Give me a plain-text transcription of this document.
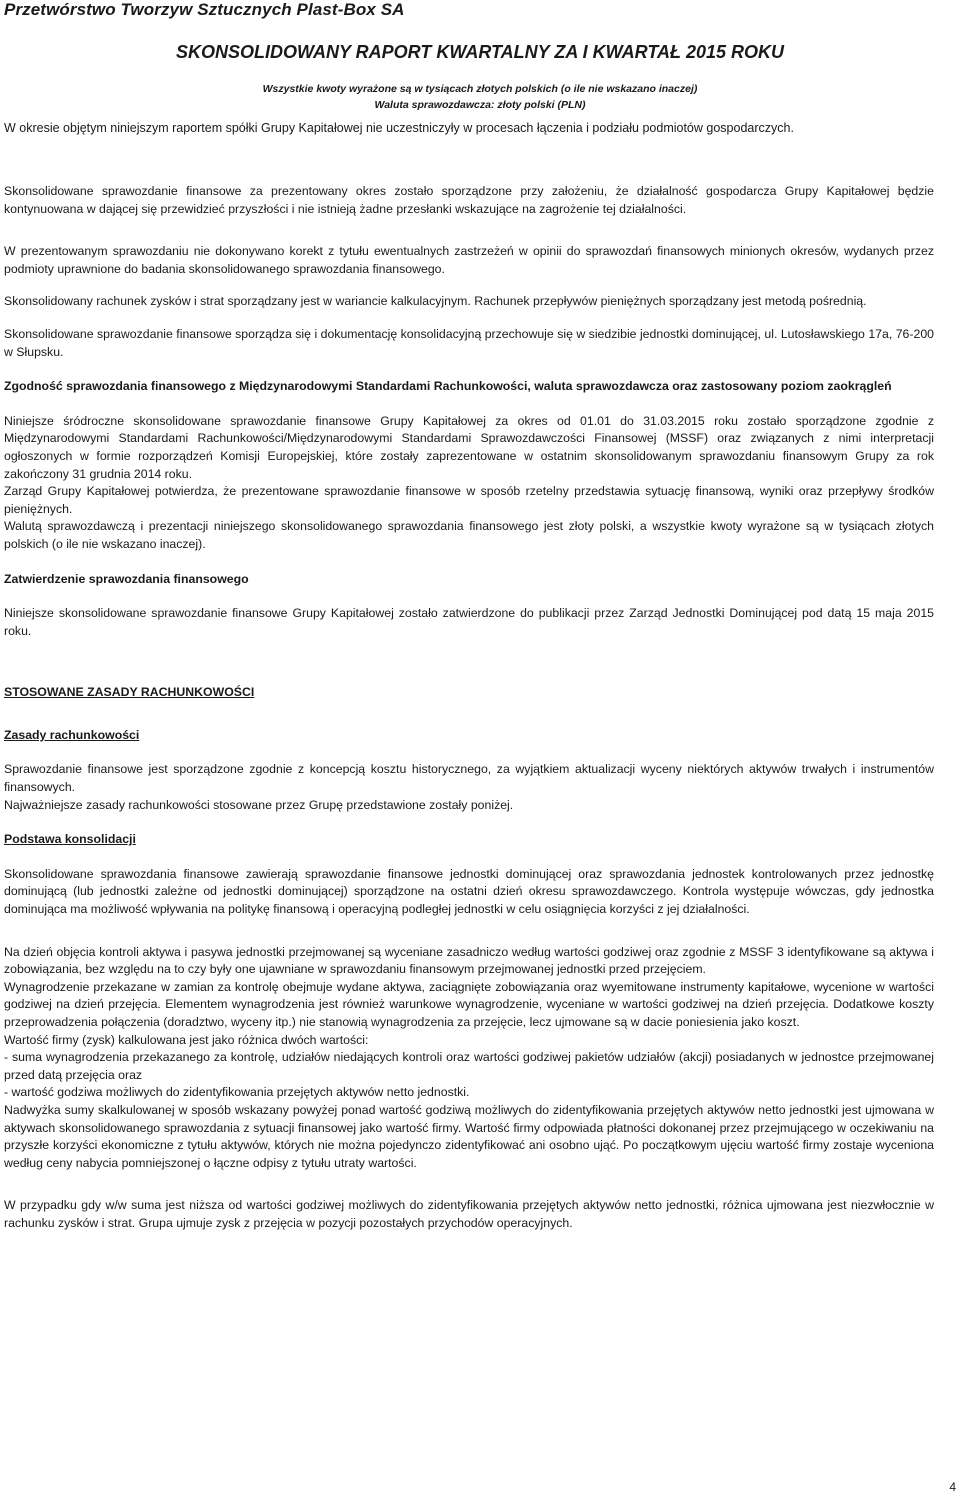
Przetwórstwo Tworzyw Sztucznych Plast-Box SA
SKONSOLIDOWANY RAPORT KWARTALNY ZA I KWARTAŁ 2015 ROKU
Wszystkie kwoty wyrażone są w tysiącach złotych polskich (o ile nie wskazano inaczej)
Waluta sprawozdawcza: złoty polski (PLN)
W okresie objętym niniejszym raportem spółki Grupy Kapitałowej nie uczestniczyły w procesach łączenia i podziału podmiotów gospodarczych.

Skonsolidowane sprawozdanie finansowe za prezentowany okres zostało sporządzone przy założeniu, że działalność gospodarcza Grupy Kapitałowej będzie kontynuowana w dającej się przewidzieć przyszłości i nie istnieją żadne przesłanki wskazujące na zagrożenie tej działalności.

W prezentowanym sprawozdaniu nie dokonywano korekt z tytułu ewentualnych zastrzeżeń w opinii do sprawozdań finansowych minionych okresów, wydanych przez podmioty uprawnione do badania skonsolidowanego sprawozdania finansowego.

Skonsolidowany rachunek zysków i strat sporządzany jest w wariancie kalkulacyjnym. Rachunek przepływów pieniężnych sporządzany jest metodą pośrednią.

Skonsolidowane sprawozdanie finansowe sporządza się i dokumentację konsolidacyjną przechowuje się w siedzibie jednostki dominującej, ul. Lutosławskiego 17a, 76-200 w Słupsku.

Zgodność sprawozdania finansowego z Międzynarodowymi Standardami Rachunkowości, waluta sprawozdawcza oraz zastosowany poziom zaokrągleń

Niniejsze śródroczne skonsolidowane sprawozdanie finansowe Grupy Kapitałowej za okres od 01.01 do 31.03.2015 roku zostało sporządzone zgodnie z Międzynarodowymi Standardami Rachunkowości/Międzynarodowymi Standardami Sprawozdawczości Finansowej (MSSF) oraz związanych z nimi interpretacji ogłoszonych w formie rozporządzeń Komisji Europejskiej, które zostały zaprezentowane w ostatnim skonsolidowanym sprawozdaniu finansowym Grupy za rok zakończony 31 grudnia 2014 roku.

Zarząd Grupy Kapitałowej potwierdza, że prezentowane sprawozdanie finansowe w sposób rzetelny przedstawia sytuację finansową, wyniki oraz przepływy środków pieniężnych.

Walutą sprawozdawczą i prezentacji niniejszego skonsolidowanego sprawozdania finansowego jest złoty polski, a wszystkie kwoty wyrażone są w tysiącach złotych polskich (o ile nie wskazano inaczej).

Zatwierdzenie sprawozdania finansowego

Niniejsze skonsolidowane sprawozdanie finansowe Grupy Kapitałowej zostało zatwierdzone do publikacji przez Zarząd Jednostki Dominującej pod datą 15 maja 2015 roku.

STOSOWANE ZASADY RACHUNKOWOŚCI

Zasady rachunkowości

Sprawozdanie finansowe jest sporządzone zgodnie z koncepcją kosztu historycznego, za wyjątkiem aktualizacji wyceny niektórych aktywów trwałych i instrumentów finansowych.

Najważniejsze zasady rachunkowości stosowane przez Grupę przedstawione zostały poniżej.

Podstawa konsolidacji

Skonsolidowane sprawozdania finansowe zawierają sprawozdanie finansowe jednostki dominującej oraz sprawozdania jednostek kontrolowanych przez jednostkę dominującą (lub jednostki zależne od jednostki dominującej) sporządzone na ostatni dzień okresu sprawozdawczego. Kontrola występuje wówczas, gdy jednostka dominująca ma możliwość wpływania na politykę finansową i operacyjną podległej jednostki w celu osiągnięcia korzyści z jej działalności.

Na dzień objęcia kontroli aktywa i pasywa jednostki przejmowanej są wyceniane zasadniczo według wartości godziwej oraz zgodnie z MSSF 3 identyfikowane są aktywa i zobowiązania, bez względu na to czy były one ujawniane w sprawozdaniu finansowym przejmowanej jednostki przed przejęciem.

Wynagrodzenie przekazane w zamian za kontrolę obejmuje wydane aktywa, zaciągnięte zobowiązania oraz wyemitowane instrumenty kapitałowe, wycenione w wartości godziwej na dzień przejęcia. Elementem wynagrodzenia jest również warunkowe wynagrodzenie, wyceniane w wartości godziwej na dzień przejęcia. Dodatkowe koszty przeprowadzenia połączenia (doradztwo, wyceny itp.) nie stanowią wynagrodzenia za przejęcie, lecz ujmowane są w dacie poniesienia jako koszt.

Wartość firmy (zysk) kalkulowana jest jako różnica dwóch wartości:

- suma wynagrodzenia przekazanego za kontrolę, udziałów niedających kontroli oraz wartości godziwej pakietów udziałów (akcji) posiadanych w jednostce przejmowanej przed datą przejęcia oraz

- wartość godziwa możliwych do zidentyfikowania przejętych aktywów netto jednostki.

Nadwyżka sumy skalkulowanej w sposób wskazany powyżej ponad wartość godziwą możliwych do zidentyfikowania przejętych aktywów netto jednostki jest ujmowana w aktywach skonsolidowanego sprawozdania z sytuacji finansowej jako wartość firmy. Wartość firmy odpowiada płatności dokonanej przez przejmującego w oczekiwaniu na przyszłe korzyści ekonomiczne z tytułu aktywów, których nie można pojedynczo zidentyfikować ani osobno ująć. Po początkowym ujęciu wartość firmy zostaje wyceniona według ceny nabycia pomniejszonej o łączne odpisy z tytułu utraty wartości.

W przypadku gdy w/w suma jest niższa od wartości godziwej możliwych do zidentyfikowania przejętych aktywów netto jednostki, różnica ujmowana jest niezwłocznie w rachunku zysków i strat. Grupa ujmuje zysk z przejęcia w pozycji pozostałych przychodów operacyjnych.

4
